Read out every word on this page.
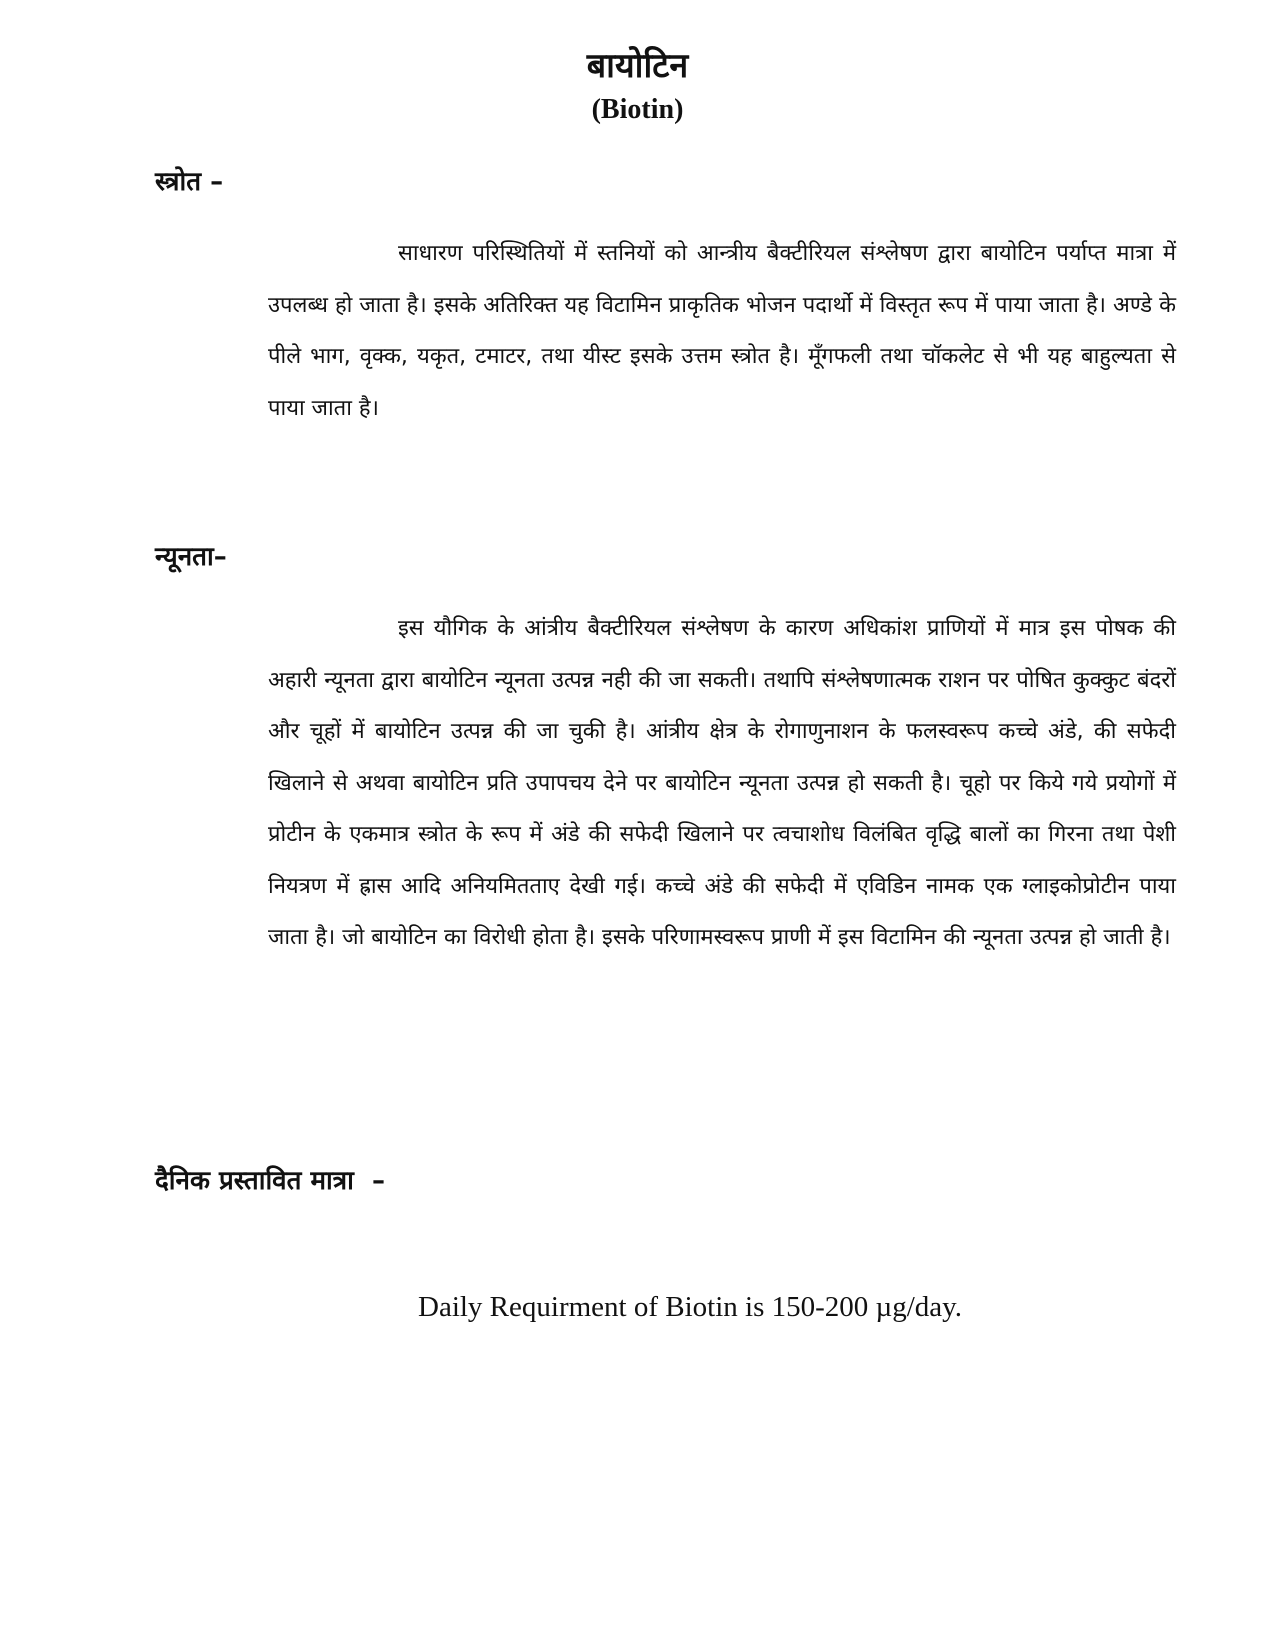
बायोटिन
(Biotin)
स्त्रोत –
साधारण परिस्थितियों में स्तनियों को आन्त्रीय बैक्टीरियल संश्लेषण द्वारा बायोटिन पर्याप्त मात्रा में उपलब्ध हो जाता है। इसके अतिरिक्त यह विटामिन प्राकृतिक भोजन पदार्थो में विस्तृत रूप में पाया जाता है। अण्डे के पीले भाग, वृक्क, यकृत, टमाटर, तथा यीस्ट इसके उत्तम स्त्रोत है। मूँगफली तथा चॉकलेट से भी यह बाहुल्यता से पाया जाता है।
न्यूनता–
इस यौगिक के आंत्रीय बैक्टीरियल संश्लेषण के कारण अधिकांश प्राणियों में मात्र इस पोषक की अहारी न्यूनता द्वारा बायोटिन न्यूनता उत्पन्न नही की जा सकती। तथापि संश्लेषणात्मक राशन पर पोषित कुक्कुट बंदरों और चूहों में बायोटिन उत्पन्न की जा चुकी है। आंत्रीय क्षेत्र के रोगाणुनाशन के फलस्वरूप कच्चे अंडे, की सफेदी खिलाने से अथवा बायोटिन प्रति उपापचय देने पर बायोटिन न्यूनता उत्पन्न हो सकती है। चूहो पर किये गये प्रयोगों में प्रोटीन के एकमात्र स्त्रोत के रूप में अंडे की सफेदी खिलाने पर त्वचाशोध विलंबित वृद्धि बालों का गिरना तथा पेशी नियत्रण में ह्रास आदि अनियमितताए देखी गई। कच्चे अंडे की सफेदी में एविडिन नामक एक ग्लाइकोप्रोटीन पाया जाता है। जो बायोटिन का विरोधी होता है। इसके परिणामस्वरूप प्राणी में इस विटामिन की न्यूनता उत्पन्न हो जाती है।
दैनिक प्रस्तावित मात्रा  –
Daily Requirment of Biotin is 150-200 µg/day.
